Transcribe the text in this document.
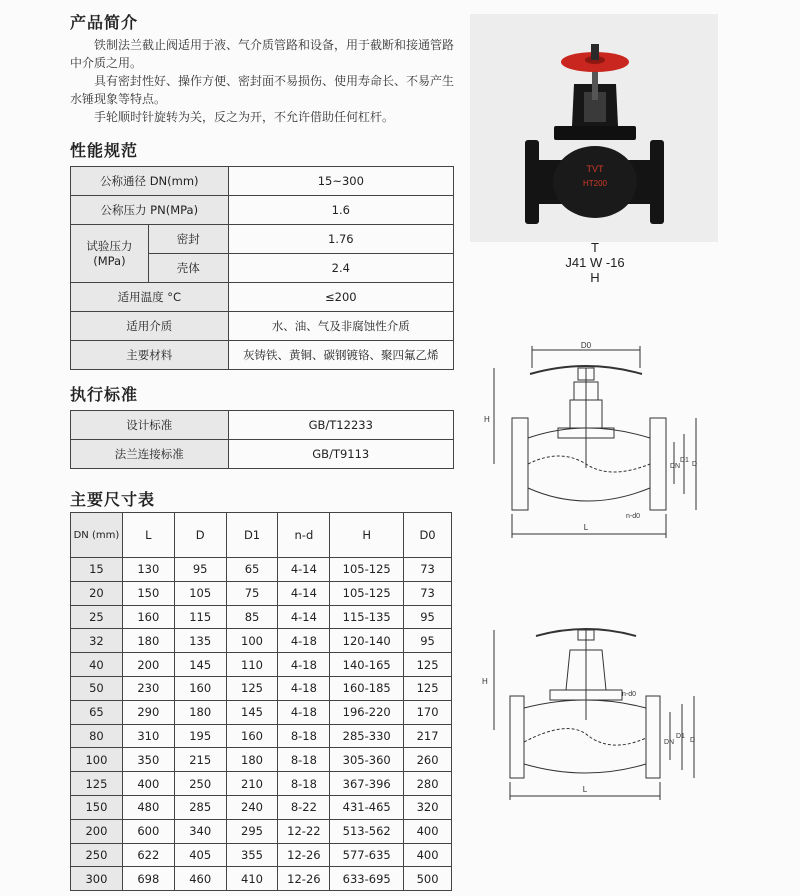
产品简介

铁制法兰截止阀适用于液、气介质管路和设备，用于截断和接通管路中介质之用。

具有密封性好、操作方便、密封面不易损伤、使用寿命长、不易产生水锤现象等特点。

手轮顺时针旋转为关，反之为开，不允许借助任何杠杆。

性能规范
公称通径 DN(mm)		15~300
公称压力 PN(MPa)		1.6
试验压力
(MPa)	密封	1.76
	壳体	2.4
适用温度 °C		≤200
适用介质		水、油、气及非腐蚀性介质
主要材料		灰铸铁、黄铜、碳钢镀铬、聚四氟乙烯
执行标准
设计标准	GB/T12233
法兰连接标准	GB/T9113
主要尺寸表
DN (mm)	L	D	D1	n-d	H	D0
15	130	95	65	4-14	105-125	73
20	150	105	75	4-14	105-125	73
25	160	115	85	4-14	115-135	95
32	180	135	100	4-18	120-140	95
40	200	145	110	4-18	140-165	125
50	230	160	125	4-18	160-185	125
65	290	180	145	4-18	196-220	170
80	310	195	160	8-18	285-330	217
100	350	215	180	8-18	305-360	260
125	400	250	210	8-18	367-396	280
150	480	285	240	8-22	431-465	320
200	600	340	295	12-22	513-562	400
250	622	405	355	12-26	577-635	400
300	698	460	410	12-26	633-695	500
TVT
HT200
T
J41 W -16
H
D0
H
DN
D1
D
n-d0
L
H
n-d0
DN
D1
D
L
